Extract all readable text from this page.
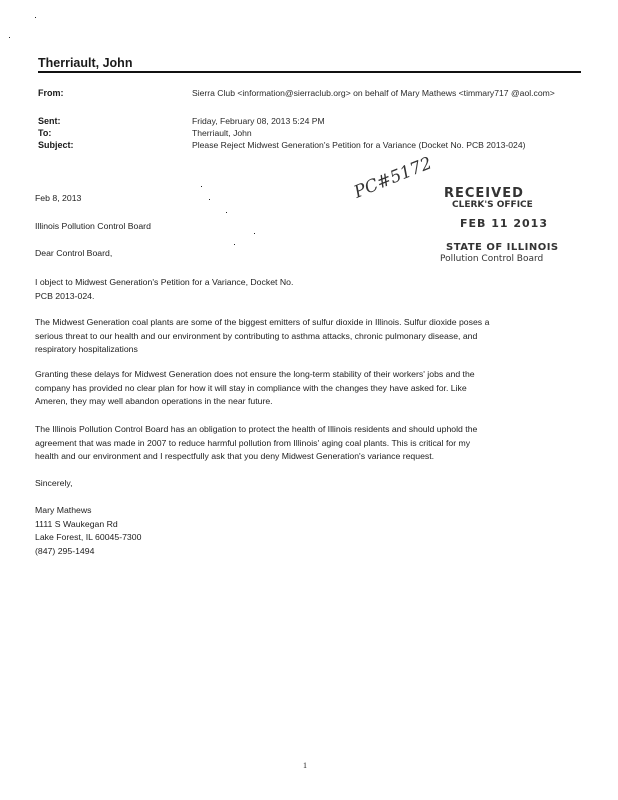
Therriault, John
From:	Sierra Club <information@sierraclub.org> on behalf of Mary Mathews <timmary717 @aol.com>
Sent:	Friday, February 08, 2013 5:24 PM
To:	Therriault, John
Subject:	Please Reject Midwest Generation's Petition for a Variance (Docket No. PCB 2013-024)
Feb 8, 2013
Illinois Pollution Control Board
Dear Control Board,
PC#5172 RECEIVED
CLERK'S OFFICE
FEB 11 2013
STATE OF ILLINOIS
Pollution Control Board
I object to Midwest Generation's Petition for a Variance, Docket No.
PCB 2013-024.
The Midwest Generation coal plants are some of the biggest emitters of sulfur dioxide in Illinois. Sulfur dioxide poses a
serious threat to our health and our environment by contributing to asthma attacks, chronic pulmonary disease, and
respiratory hospitalizations
Granting these delays for Midwest Generation does not ensure the long-term stability of their workers' jobs and the
company has provided no clear plan for how it will stay in compliance with the changes they have asked for. Like
Ameren, they may well abandon operations in the near future.
The Illinois Pollution Control Board has an obligation to protect the health of Illinois residents and should uphold the
agreement that was made in 2007 to reduce harmful pollution from Illinois' aging coal plants. This is critical for my
health and our environment and I respectfully ask that you deny Midwest Generation's variance request.
Sincerely,
Mary Mathews
1111 S Waukegan Rd
Lake Forest, IL 60045-7300
(847) 295-1494
1
